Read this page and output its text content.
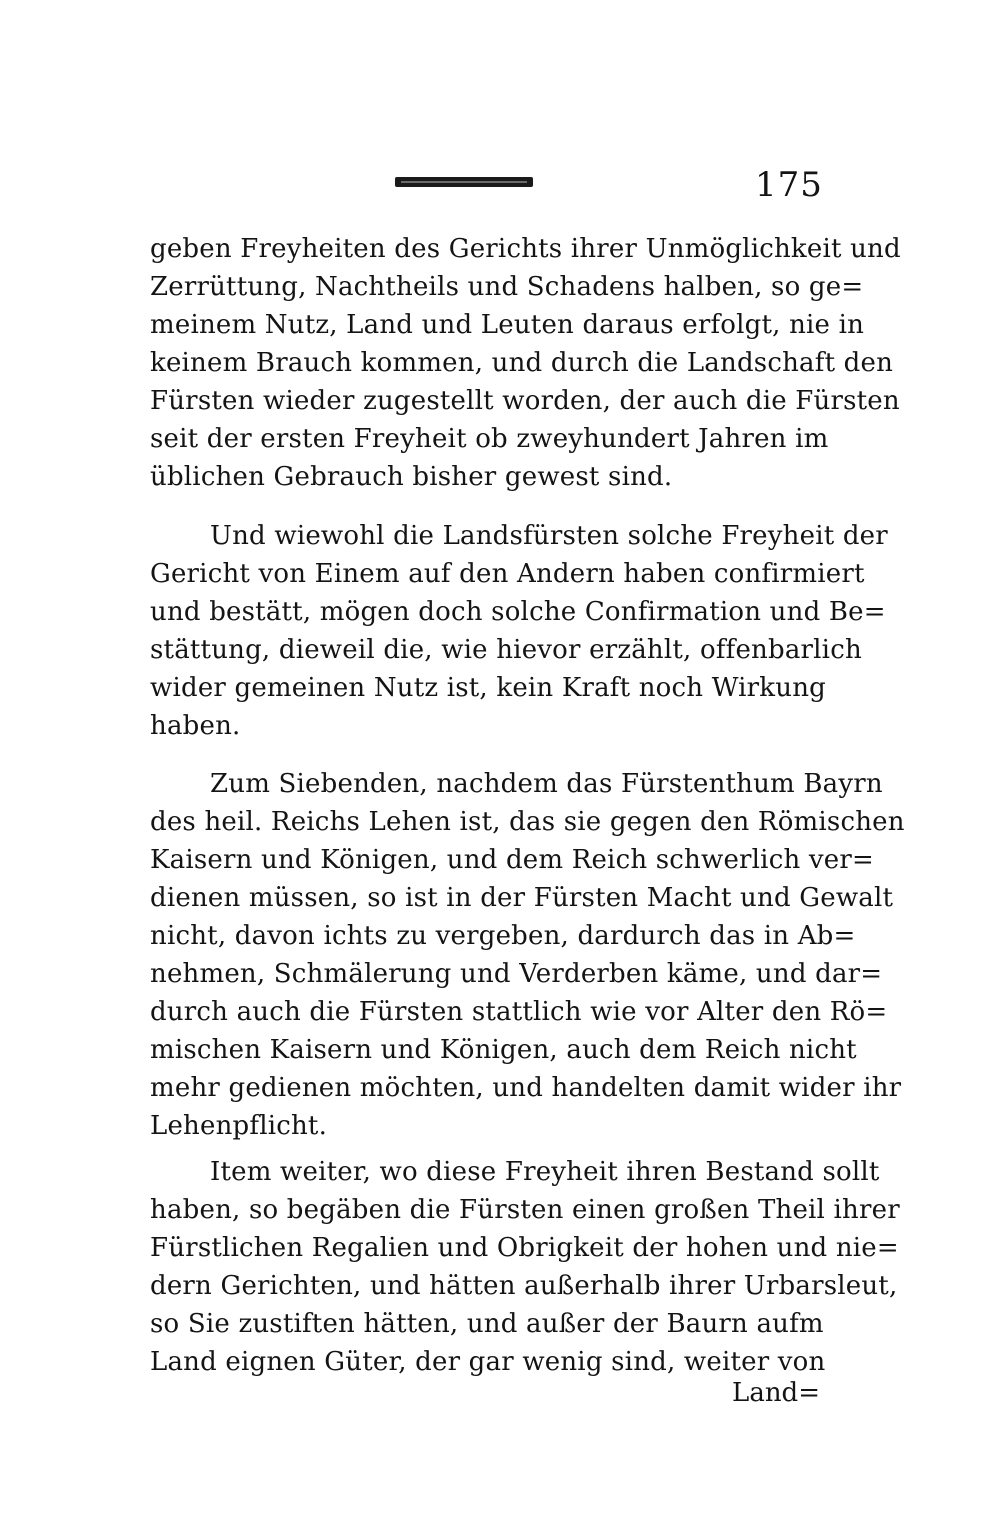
175
geben Freyheiten des Gerichts ihrer Unmöglichkeit und
Zerrüttung, Nachtheils und Schadens halben, so ge=
meinem Nutz, Land und Leuten daraus erfolgt, nie in
keinem Brauch kommen, und durch die Landschaft den
Fürsten wieder zugestellt worden, der auch die Fürsten
seit der ersten Freyheit ob zweyhundert Jahren im
üblichen Gebrauch bisher gewest sind.
Und wiewohl die Landsfürsten solche Freyheit der
Gericht von Einem auf den Andern haben confirmiert
und bestätt, mögen doch solche Confirmation und Be=
stättung, dieweil die, wie hievor erzählt, offenbarlich
wider gemeinen Nutz ist, kein Kraft noch Wirkung
haben.
Zum Siebenden, nachdem das Fürstenthum Bayrn
des heil. Reichs Lehen ist, das sie gegen den Römischen
Kaisern und Königen, und dem Reich schwerlich ver=
dienen müssen, so ist in der Fürsten Macht und Gewalt
nicht, davon ichts zu vergeben, dardurch das in Ab=
nehmen, Schmälerung und Verderben käme, und dar=
durch auch die Fürsten stattlich wie vor Alter den Rö=
mischen Kaisern und Königen, auch dem Reich nicht
mehr gedienen möchten, und handelten damit wider ihr
Lehenpflicht.
Item weiter, wo diese Freyheit ihren Bestand sollt
haben, so begäben die Fürsten einen großen Theil ihrer
Fürstlichen Regalien und Obrigkeit der hohen und nie=
dern Gerichten, und hätten außerhalb ihrer Urbarsleut,
so Sie zustiften hätten, und außer der Baurn aufm
Land eignen Güter, der gar wenig sind, weiter von
Land=
